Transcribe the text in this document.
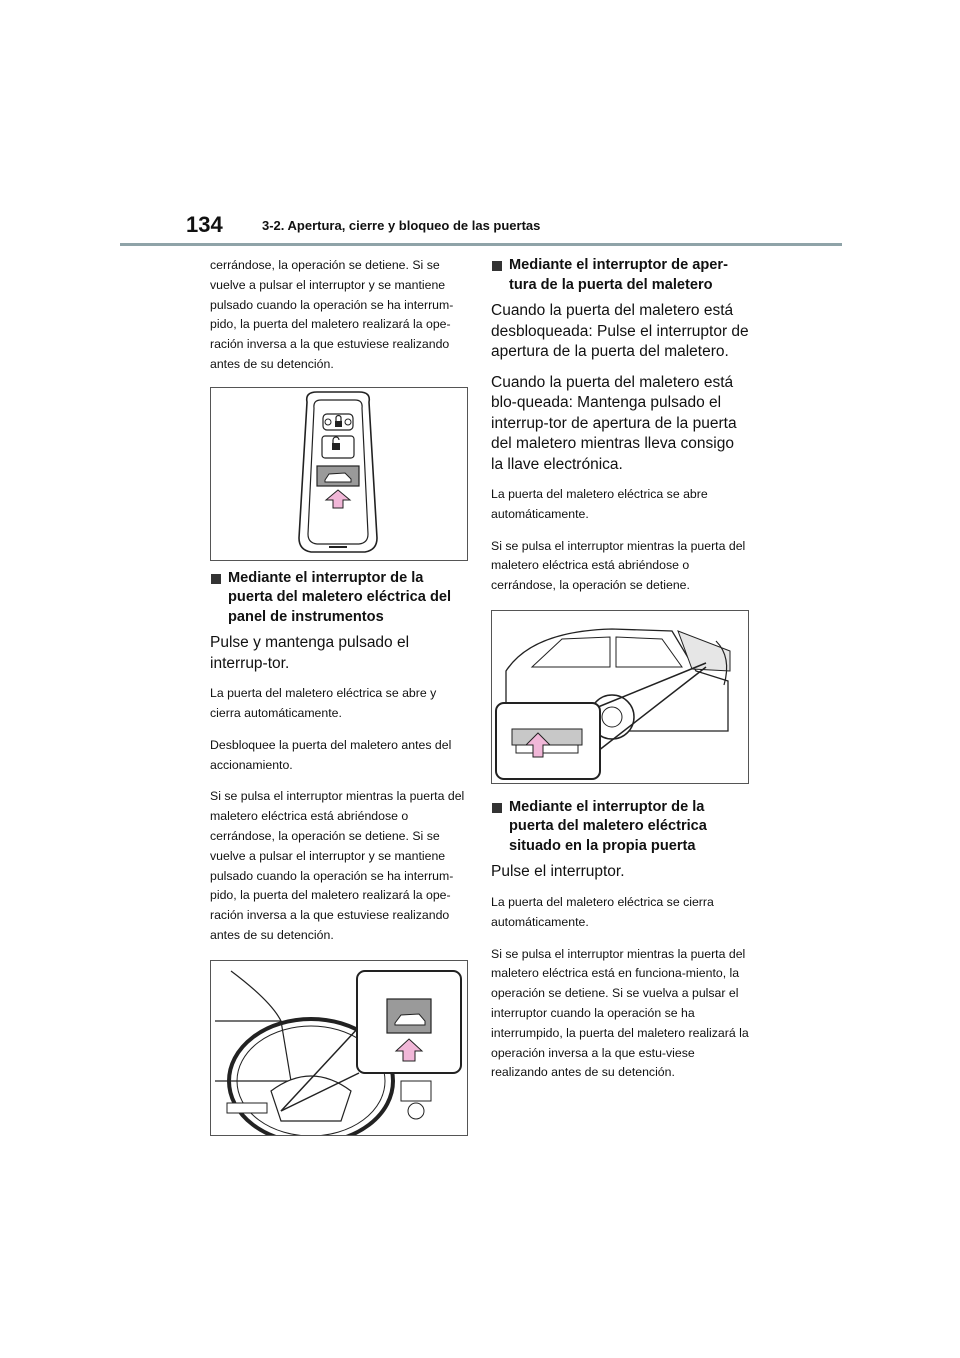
134	3-2. Apertura, cierre y bloqueo de las puertas

cerrándose, la operación se detiene. Si se vuelve a pulsar el interruptor y se mantiene pulsado cuando la operación se ha interrum-pido, la puerta del maletero realizará la ope-ración inversa a la que estuviese realizando antes de su detención.

Mediante el interruptor de la puerta del maletero eléctrica del panel de instrumentos

Pulse y mantenga pulsado el interrup-tor.

La puerta del maletero eléctrica se abre y cierra automáticamente.

Desbloquee la puerta del maletero antes del accionamiento.

Si se pulsa el interruptor mientras la puerta del maletero eléctrica está abriéndose o cerrándose, la operación se detiene. Si se vuelve a pulsar el interruptor y se mantiene pulsado cuando la operación se ha interrum-pido, la puerta del maletero realizará la ope-ración inversa a la que estuviese realizando antes de su detención.

Mediante el interruptor de aper-tura de la puerta del maletero

Cuando la puerta del maletero está desbloqueada: Pulse el interruptor de apertura de la puerta del maletero.

Cuando la puerta del maletero está blo-queada: Mantenga pulsado el interrup-tor de apertura de la puerta del maletero mientras lleva consigo la llave electrónica.

La puerta del maletero eléctrica se abre automáticamente.

Si se pulsa el interruptor mientras la puerta del maletero eléctrica está abriéndose o cerrándose, la operación se detiene.

Mediante el interruptor de la puerta del maletero eléctrica situado en la propia puerta

Pulse el interruptor.

La puerta del maletero eléctrica se cierra automáticamente.

Si se pulsa el interruptor mientras la puerta del maletero eléctrica está en funciona-miento, la operación se detiene. Si se vuelva a pulsar el interruptor cuando la operación se ha interrumpido, la puerta del maletero realizará la operación inversa a la que estu-viese realizando antes de su detención.
